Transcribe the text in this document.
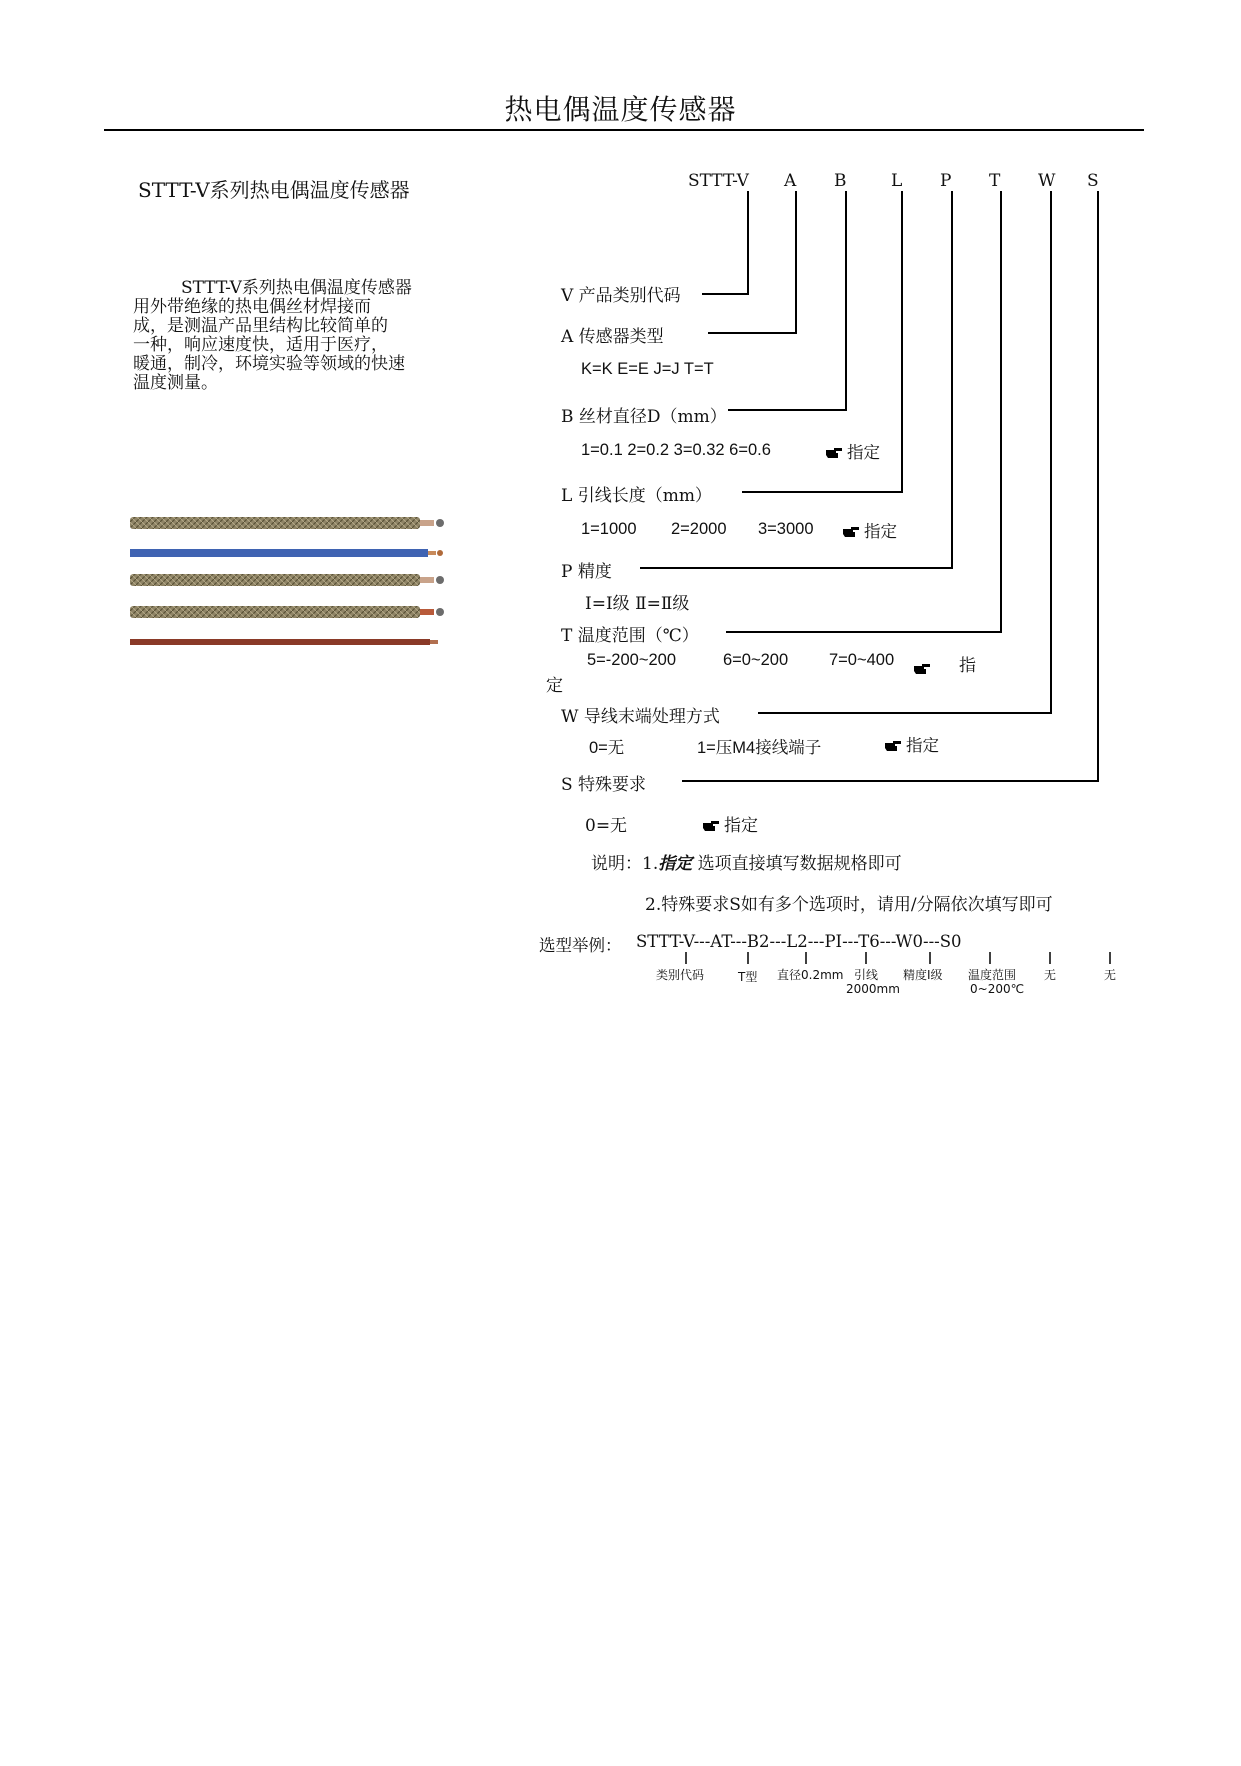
热电偶温度传感器
STTT-V系列热电偶温度传感器

STTT-V系列热电偶温度传感器

用外带绝缘的热电偶丝材焊接而

成，是测温产品里结构比较简单的

一种，响应速度快，适用于医疗，

暖通，制冷，环境实验等领域的快速

温度测量。

STTT-V A B	L P T W S
V 产品类别代码
A 传感器类型
K=K E=E J=J T=T
B 丝材直径D（mm）
1=0.1 2=0.2 3=0.32 6=0.6	指定
L 引线长度（mm）
1=1000 2=2000 3=3000	指定
P 精度
Ⅰ=Ⅰ级 Ⅱ=Ⅱ级
T 温度范围（℃）
5=-200~200	6=0~200 7=0~400	指
定
W 导线末端处理方式
0=无	1=压M4接线端子	指定
S 特殊要求
0=无	指定
说明：1.指定 选项直接填写数据规格即可
2.特殊要求S如有多个选项时，请用/分隔依次填写即可
选型举例： STTT-V---AT---B2---L2---PⅠ---T6---W0---S0
类别代码	T型 直径0.2mm 引线
2000mm
精度Ⅰ级 温度范围
0~200℃
无	无
